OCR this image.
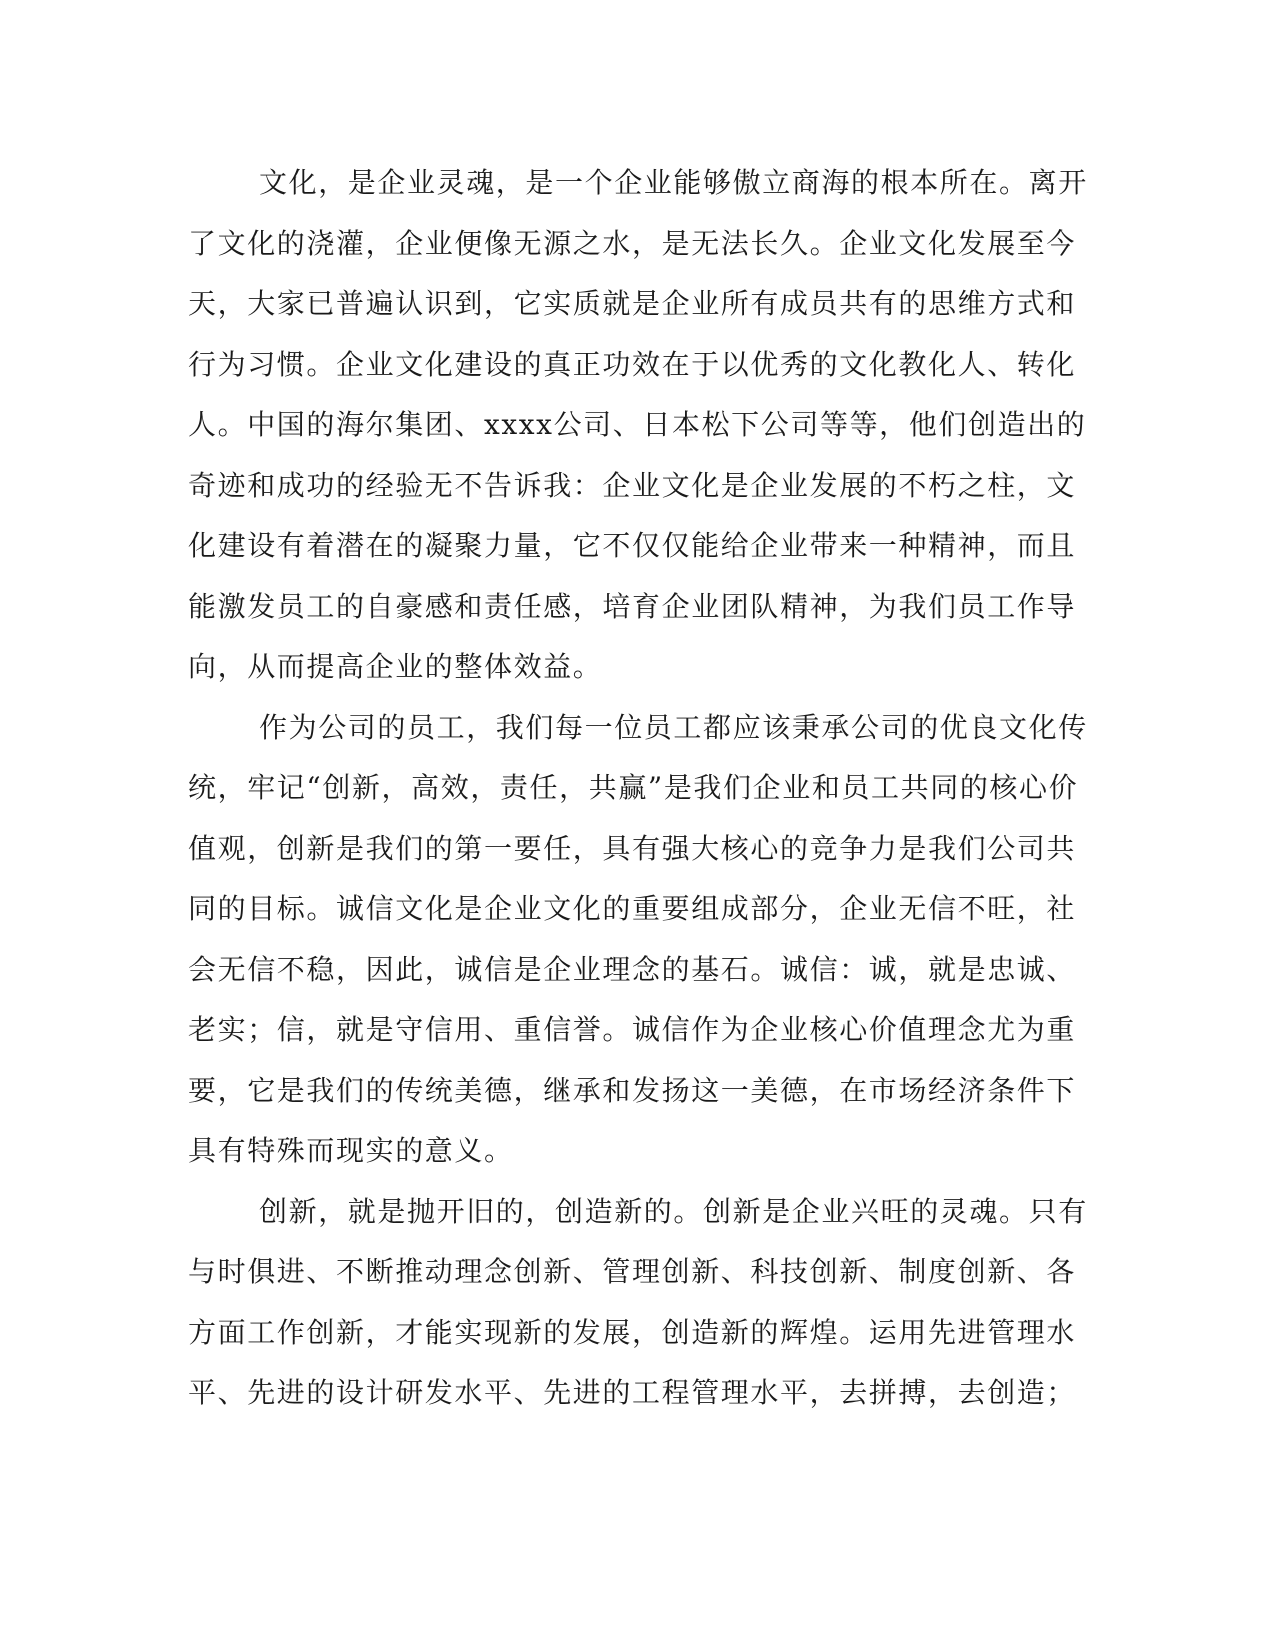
文化，是企业灵魂，是一个企业能够傲立商海的根本所在。离开
了文化的浇灌，企业便像无源之水，是无法长久。企业文化发展至今
天，大家已普遍认识到，它实质就是企业所有成员共有的思维方式和
行为习惯。企业文化建设的真正功效在于以优秀的文化教化人、转化
人。中国的海尔集团、xxxx公司、日本松下公司等等，他们创造出的
奇迹和成功的经验无不告诉我：企业文化是企业发展的不朽之柱，文
化建设有着潜在的凝聚力量，它不仅仅能给企业带来一种精神，而且
能激发员工的自豪感和责任感，培育企业团队精神，为我们员工作导
向，从而提高企业的整体效益。
作为公司的员工，我们每一位员工都应该秉承公司的优良文化传
统，牢记“创新，高效，责任，共赢”是我们企业和员工共同的核心价
值观，创新是我们的第一要任，具有强大核心的竞争力是我们公司共
同的目标。诚信文化是企业文化的重要组成部分，企业无信不旺，社
会无信不稳，因此，诚信是企业理念的基石。诚信：诚，就是忠诚、
老实；信，就是守信用、重信誉。诚信作为企业核心价值理念尤为重
要，它是我们的传统美德，继承和发扬这一美德，在市场经济条件下
具有特殊而现实的意义。
创新，就是抛开旧的，创造新的。创新是企业兴旺的灵魂。只有
与时俱进、不断推动理念创新、管理创新、科技创新、制度创新、各
方面工作创新，才能实现新的发展，创造新的辉煌。运用先进管理水
平、先进的设计研发水平、先进的工程管理水平，去拼搏，去创造；
